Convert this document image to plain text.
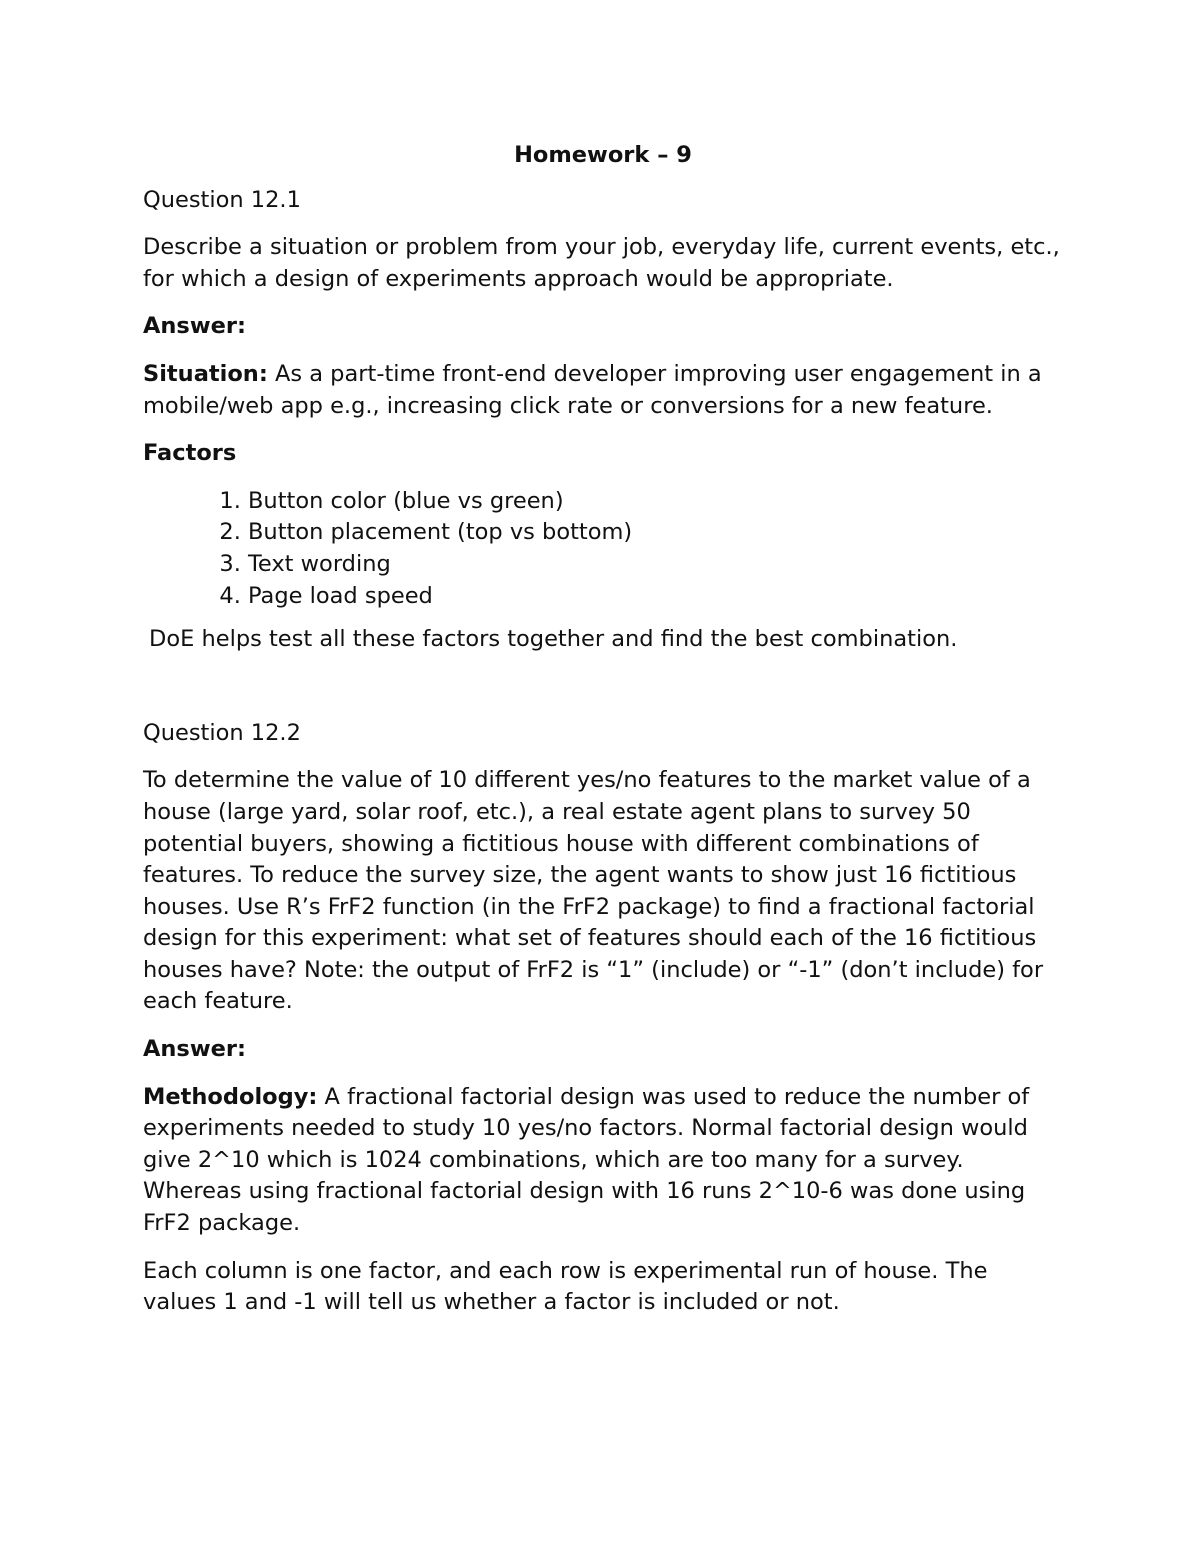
Homework – 9

Question 12.1

Describe a situation or problem from your job, everyday life, current events, etc., for which a design of experiments approach would be appropriate.

Answer:

Situation: As a part-time front-end developer improving user engagement in a mobile/web app e.g., increasing click rate or conversions for a new feature.

Factors

1. Button color (blue vs green)
2. Button placement (top vs bottom)
3. Text wording
4. Page load speed

DoE helps test all these factors together and find the best combination.

Question 12.2

To determine the value of 10 different yes/no features to the market value of a house (large yard, solar roof, etc.), a real estate agent plans to survey 50 potential buyers, showing a fictitious house with different combinations of features. To reduce the survey size, the agent wants to show just 16 fictitious houses. Use R’s FrF2 function (in the FrF2 package) to find a fractional factorial design for this experiment: what set of features should each of the 16 fictitious houses have? Note: the output of FrF2 is “1” (include) or “-1” (don’t include) for each feature.

Answer:

Methodology: A fractional factorial design was used to reduce the number of experiments needed to study 10 yes/no factors. Normal factorial design would give 2^10 which is 1024 combinations, which are too many for a survey. Whereas using fractional factorial design with 16 runs 2^10-6 was done using FrF2 package.

Each column is one factor, and each row is experimental run of house. The values 1 and -1 will tell us whether a factor is included or not.
